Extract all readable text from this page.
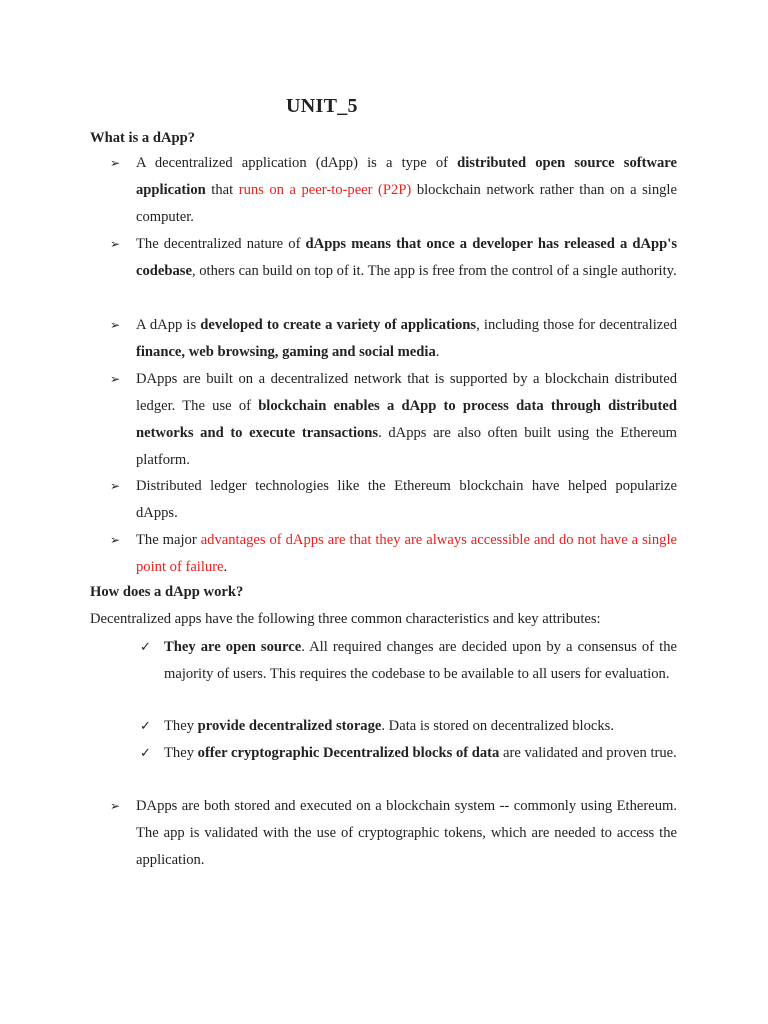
UNIT_5
What is a dApp?
➢	A decentralized application (dApp) is a type of distributed open source software application that runs on a peer-to-peer (P2P) blockchain network rather than on a single computer.
➢	The decentralized nature of dApps means that once a developer has released a dApp's codebase, others can build on top of it. The app is free from the control of a single authority.
➢	A dApp is developed to create a variety of applications, including those for decentralized finance, web browsing, gaming and social media.
➢	DApps are built on a decentralized network that is supported by a blockchain distributed ledger. The use of blockchain enables a dApp to process data through distributed networks and to execute transactions. dApps are also often built using the Ethereum platform.
➢	Distributed ledger technologies like the Ethereum blockchain have helped popularize dApps.
➢	The major advantages of dApps are that they are always accessible and do not have a single point of failure.
How does a dApp work?

Decentralized apps have the following three common characteristics and key attributes:

✓ They are open source. All required changes are decided upon by a consensus of the majority of users. This requires the codebase to be available to all users for evaluation.
✓ They provide decentralized storage. Data is stored on decentralized blocks.
✓ They offer cryptographic Decentralized blocks of data are validated and proven true.
➢	DApps are both stored and executed on a blockchain system -- commonly using Ethereum. The app is validated with the use of cryptographic tokens, which are needed to access the application.
